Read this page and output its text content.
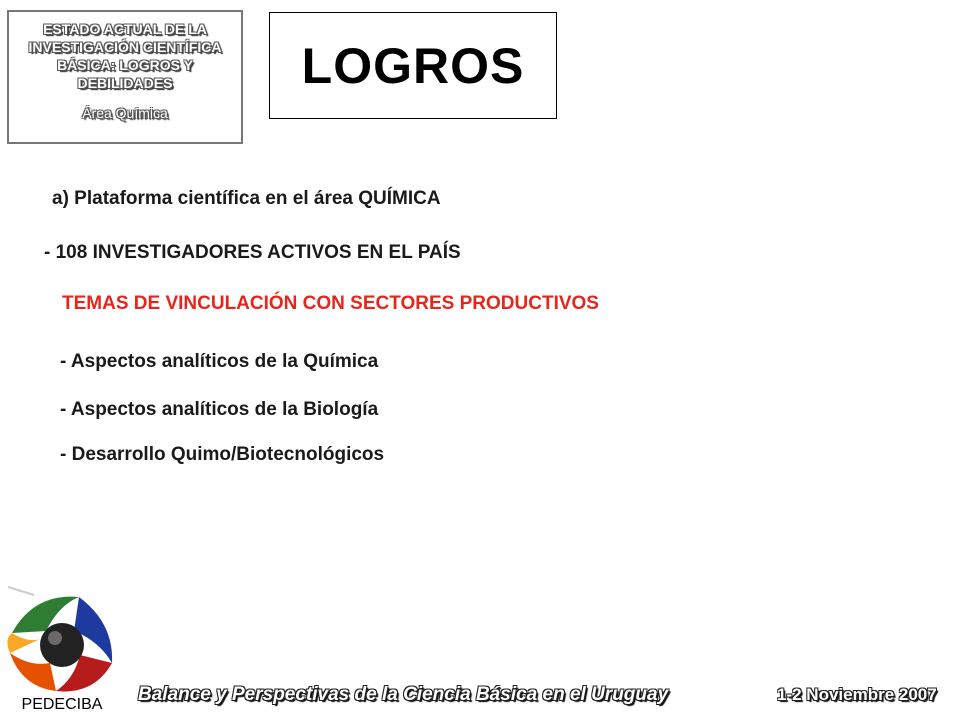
ESTADO ACTUAL DE LA
INVESTIGACIÓN CIENTÍFICA
BÁSICA: LOGROS Y
DEBILIDADES
Área Química
LOGROS
a) Plataforma científica en el área QUÍMICA
- 108 INVESTIGADORES ACTIVOS EN EL PAÍS
TEMAS DE VINCULACIÓN CON SECTORES PRODUCTIVOS
- Aspectos analíticos de la Química
- Aspectos analíticos de la Biología
- Desarrollo Quimo/Biotecnológicos
PEDECIBA Balance y Perspectivas de la Ciencia Básica en el Uruguay	1-2 Noviembre 2007
